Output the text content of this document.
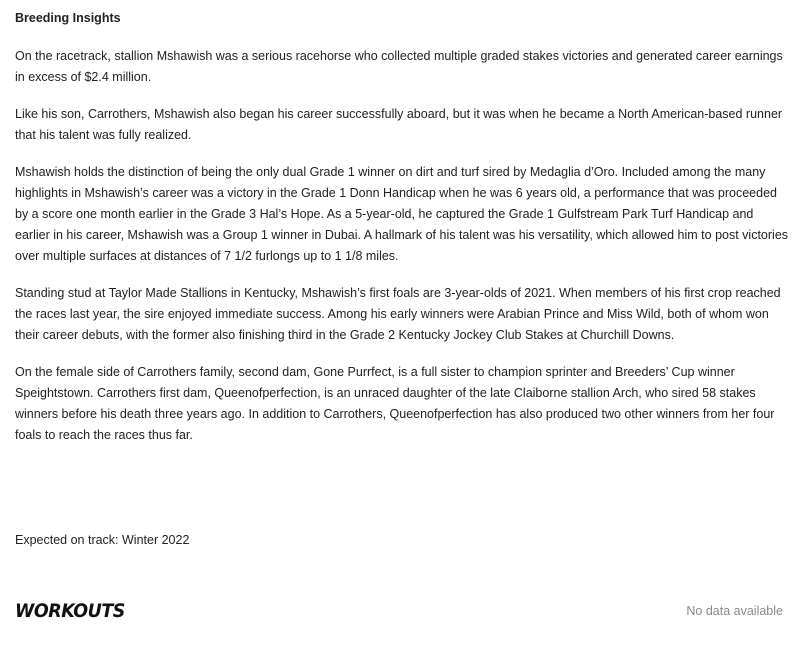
Breeding Insights

On the racetrack, stallion Mshawish was a serious racehorse who collected multiple graded stakes victories and generated career earnings in excess of $2.4 million.

Like his son, Carrothers, Mshawish also began his career successfully aboard, but it was when he became a North American-based runner that his talent was fully realized.

Mshawish holds the distinction of being the only dual Grade 1 winner on dirt and turf sired by Medaglia d’Oro. Included among the many highlights in Mshawish’s career was a victory in the Grade 1 Donn Handicap when he was 6 years old, a performance that was proceeded by a score one month earlier in the Grade 3 Hal’s Hope. As a 5-year-old, he captured the Grade 1 Gulfstream Park Turf Handicap and earlier in his career, Mshawish was a Group 1 winner in Dubai. A hallmark of his talent was his versatility, which allowed him to post victories over multiple surfaces at distances of 7 1/2 furlongs up to 1 1/8 miles.

Standing stud at Taylor Made Stallions in Kentucky, Mshawish’s first foals are 3-year-olds of 2021. When members of his first crop reached the races last year, the sire enjoyed immediate success. Among his early winners were Arabian Prince and Miss Wild, both of whom won their career debuts, with the former also finishing third in the Grade 2 Kentucky Jockey Club Stakes at Churchill Downs.

On the female side of Carrothers family, second dam, Gone Purrfect, is a full sister to champion sprinter and Breeders’ Cup winner Speightstown. Carrothers first dam, Queenofperfection, is an unraced daughter of the late Claiborne stallion Arch, who sired 58 stakes winners before his death three years ago. In addition to Carrothers, Queenofperfection has also produced two other winners from her four foals to reach the races thus far.

Expected on track: Winter 2022
WORKOUTS	No data available
